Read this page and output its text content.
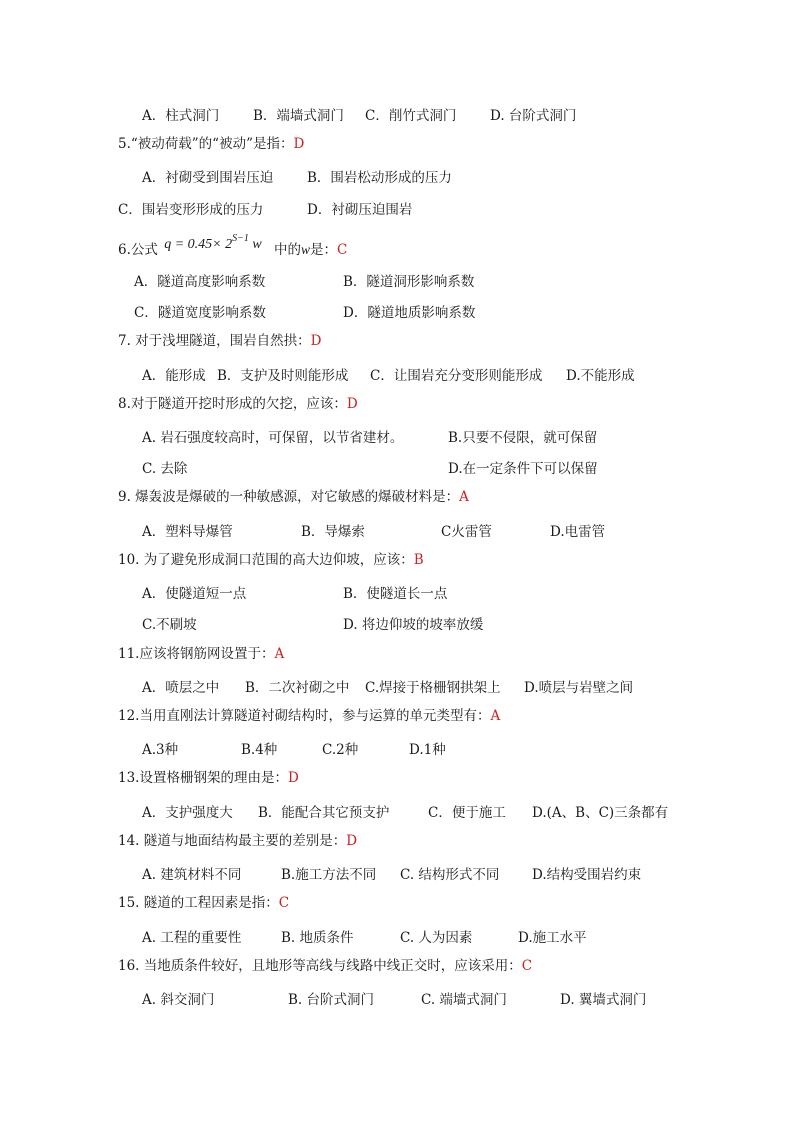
A．柱式洞门	B．端墙式洞门 C．削竹式洞门 D. 台阶式洞门
5.“被动荷载”的“被动”是指：D
A．衬砌受到围岩压迫	B．围岩松动形成的压力
C．围岩变形形成的压力	D．衬砌压迫围岩
6.公式 $q = 0.45\times 2^{S-1}$ w 中的w是：C
A．隧道高度影响系数	B．隧道洞形影响系数
C．隧道宽度影响系数	D．隧道地质影响系数
7. 对于浅埋隧道，围岩自然拱：D
A．能形成 B．支护及时则能形成 C．让围岩充分变形则能形成 D.不能形成
8.对于隧道开挖时形成的欠挖，应该：D
A. 岩石强度较高时，可保留，以节省建材。	B.只要不侵限，就可保留
C. 去除	D.在一定条件下可以保留
9. 爆轰波是爆破的一种敏感源，对它敏感的爆破材料是：A
A．塑料导爆管	B．导爆索	C火雷管	D.电雷管
10. 为了避免形成洞口范围的高大边仰坡，应该：B
A．使隧道短一点	B．使隧道长一点
C.不刷坡	D. 将边仰坡的坡率放缓
11.应该将钢筋网设置于：A
A．喷层之中 B．二次衬砌之中 C.焊接于格栅钢拱架上 D.喷层与岩壁之间
12.当用直刚法计算隧道衬砌结构时，参与运算的单元类型有：A
A.3种	B.4种	C.2种	D.1种
13.设置格栅钢架的理由是：D
A．支护强度大 B．能配合其它预支护	C．便于施工 D.(A、B、C)三条都有
14. 隧道与地面结构最主要的差别是：D
A. 建筑材料不同	B.施工方法不同 C. 结构形式不同 D.结构受围岩约束
15. 隧道的工程因素是指：C
A. 工程的重要性	B. 地质条件	C. 人为因素	D.施工水平
16. 当地质条件较好，且地形等高线与线路中线正交时，应该采用：C
A. 斜交洞门	B. 台阶式洞门	C. 端墙式洞门	D. 翼墙式洞门
